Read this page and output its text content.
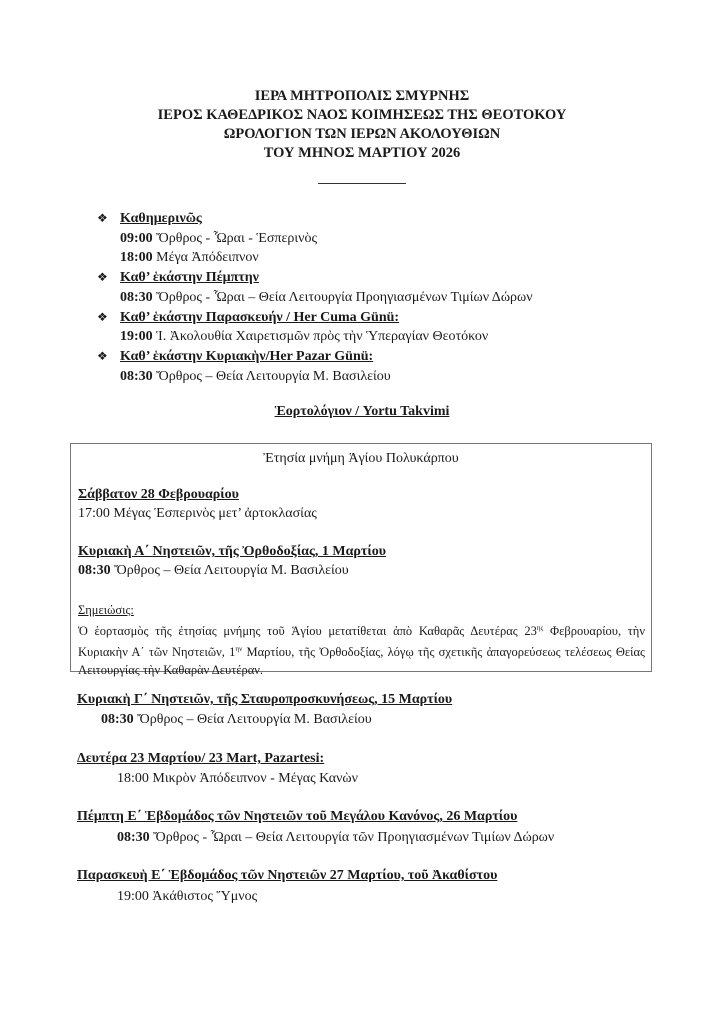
ΙΕΡΑ ΜΗΤΡΟΠΟΛΙΣ ΣΜΥΡΝΗΣ
ΙΕΡΟΣ ΚΑΘΕΔΡΙΚΟΣ ΝΑΟΣ ΚΟΙΜΗΣΕΩΣ ΤΗΣ ΘΕΟΤΟΚΟΥ
ΩΡΟΛΟΓΙΟΝ ΤΩΝ ΙΕΡΩΝ ΑΚΟΛΟΥΘΙΩΝ
ΤΟΥ ΜΗΝΟΣ ΜΑΡΤΙΟΥ 2026
❖ Καθημερινῶς
09:00 Ὄρθρος - Ὧραι - Ἑσπερινὸς
18:00 Μέγα Ἀπόδειπνον
❖ Καθ’ ἑκάστην Πέμπτην
08:30 Ὄρθρος - Ὧραι – Θεία Λειτουργία Προηγιασμένων Τιμίων Δώρων
❖ Καθ’ ἑκάστην Παρασκευήν / Her Cuma Günü:
19:00 Ἱ. Ἀκολουθία Χαιρετισμῶν πρὸς τὴν Ὑπεραγίαν Θεοτόκον
❖ Καθ’ ἑκάστην Κυριακὴν/Her Pazar Günü:
08:30 Ὄρθρος – Θεία Λειτουργία Μ. Βασιλείου
Ἑορτολόγιον / Yortu Takvimi
Ἐτησία μνήμη Ἁγίου Πολυκάρπου
Σάββατον 28 Φεβρουαρίου
17:00 Μέγας Ἑσπερινὸς μετ’ ἀρτοκλασίας
Κυριακὴ Α΄ Νηστειῶν, τῆς Ὀρθοδοξίας, 1 Μαρτίου
08:30 Ὄρθρος – Θεία Λειτουργία Μ. Βασιλείου
Σημειώσις:
Ὁ ἑορτασμὸς τῆς ἐτησίας μνήμης τοῦ Ἁγίου μετατίθεται ἀπὸ Καθαρᾶς Δευτέρας $23^{\eta\varsigma}$ Φεβρουαρίου, τὴν Κυριακὴν Α΄ τῶν Νηστειῶν, $1^{\eta\nu}$ Μαρτίου, τῆς Ὀρθοδοξίας, λόγῳ τῆς σχετικῆς ἀπαγορεύσεως τελέσεως Θείας Λειτουργίας τὴν Καθαρὰν Δευτέραν.
Κυριακὴ Γ΄ Νηστειῶν, τῆς Σταυροπροσκυνήσεως, 15 Μαρτίου
08:30 Ὄρθρος – Θεία Λειτουργία Μ. Βασιλείου
Δευτέρα 23 Μαρτίου/ 23 Mart, Pazartesi:
18:00 Μικρὸν Ἀπόδειπνον - Μέγας Κανὼν
Πέμπτη Ε΄ Ἑβδομάδος τῶν Νηστειῶν τοῦ Μεγάλου Κανόνος, 26 Μαρτίου
08:30 Ὄρθρος - Ὧραι – Θεία Λειτουργία τῶν Προηγιασμένων Τιμίων Δώρων
Παρασκευὴ Ε΄ Ἑβδομάδος τῶν Νηστειῶν 27 Μαρτίου, τοῦ Ἀκαθίστου
19:00 Ἀκάθιστος Ὕμνος
